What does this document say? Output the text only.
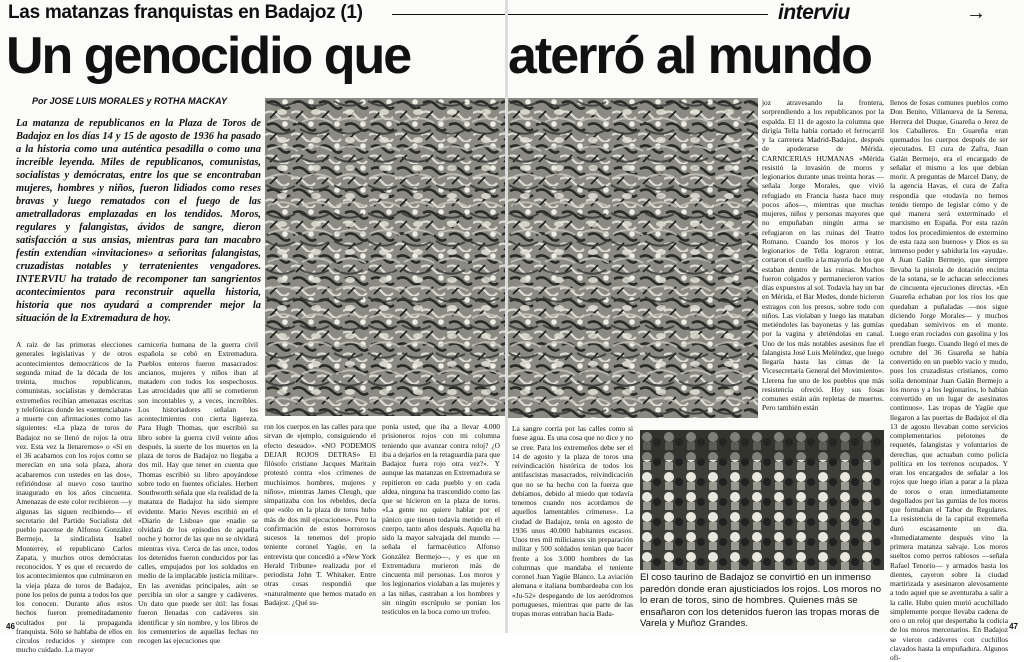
Las matanzas franquistas en Badajoz (1)
Un genocidio que
Por JOSE LUIS MORALES y ROTHA MACKAY

La matanza de republicanos en la Plaza de Toros de Badajoz en los días 14 y 15 de agosto de 1936 ha pasado a la historia como una auténtica pesadilla o como una increíble leyenda. Miles de republicanos, comunistas, socialistas y demócratas, entre los que se encontraban mujeres, hombres y niños, fueron lidiados como reses bravas y luego rematados con el fuego de las ametralladoras emplazadas en los tendidos. Moros, regulares y falangistas, ávidos de sangre, dieron satisfacción a sus ansias, mientras para tan macabro festín extendían «invitaciones» a señoritas falangistas, cruzadistas notables y terratenientes vengadores. INTERVIU ha tratado de recomponer tan sangrientos acontecimientos para reconstruir aquella historia, historia que nos ayudará a comprender mejor la situación de la Extremadura de hoy.

A raíz de las primeras elecciones generales legislativas y de otros acontecimientos democráticos de la segunda mitad de la década de los treinta, muchos republicanos, comunistas, socialistas y demócratas extremeños recibían amenazas escritas y telefónicas donde les «sentenciaban» a muerte con afirmaciones como las siguientes: «La plaza de toros de Badajoz no se llenó de rojos la otra vez. Esta vez la llenaremos» o «Si en el 36 acabamos con los rojos como se merecían en una sola plaza, ahora acabaremos con ustedes en las dos», refiriéndose al nuevo coso taurino inaugurado en los años cincuenta. Amenazas de este color recibieron —y algunas las siguen recibiendo— el secretario del Partido Socialista del pueblo pacense de Alfonso González Bermejo, la sindicalista Isabel Monterrey, el republicano Carlos Zapata, y muchos otros demócratas reconocidos. Y es que el recuerdo de los acontecimientos que culminaron en la vieja plaza de toros de Badajoz, pone los pelos de punta a todos los que los conocen. Durante años estos hechos fueron premeditadamente ocultados por la propaganda franquista. Sólo se hablaba de ellos en círculos reducidos y siempre con mucho cuidado. La mayor

carnicería humana de la guerra civil española se cebó en Extremadura. Pueblos enteros fueron masacrados: ancianos, mujeres y niños iban al matadero con todos los sospechosos. Las atrocidades que allí se cometieron son incontables y, a veces, increíbles. Los historiadores señalan los acontecimientos con cierta ligereza. Para Hugh Thomas, que escribió su libro sobre la guerra civil veinte años después, la suerte de los muertos en la plaza de toros de Badajoz no llegaba a dos mil. Hay que tener en cuenta que Thomas escribió su libro apoyándose sobre todo en fuentes oficiales. Herbert Southworth señala que «la realidad de la matanza de Badajoz ha sido siempre evidente. Mario Neves escribió en el «Diario de Lisboa» que «nadie se olvidará de los episodios de aquella noche y horror de las que no se olvidará mientras viva. Cerca de las once, todos los detenidos fueron conducidos por las calles, empujados por los soldados en medio de la implacable justicia militar». En las avenidas principales, aún se percibía un olor a sangre y cadáveres. Un dato que puede ser útil: las fosas fueron llenadas con cadáveres sin identificar y sin nombre, y los libros de los cementerios de aquellas fechas no recogen las ejecuciones que

ron los cuerpos en las calles para que sirvan de ejemplo, consiguiendo el efecto deseado». «NO PODEMOS DEJAR ROJOS DETRAS» El filósofo cristiano Jacques Maritain protestó contra «los crímenes de muchísimos hombres, mujeres y niños», mientras James Cleugh, que simpatizaba con los rebeldes, decía que «sólo en la plaza de toros hubo más de dos mil ejecuciones». Pero la confirmación de estos horrorosos sucesos la tenemos del propio teniente coronel Yagüe, en la entrevista que concedió a «New York Herald Tribune» realizada por el periodista John T. Whitaker. Entre otras cosas respondió que «naturalmente que hemos matado en Badajoz. ¿Qué su-

ponía usted, que iba a llevar 4.000 prisioneros rojos con mi columna teniendo que avanzar contra reloj? ¿O iba a dejarlos en la retaguardia para que Badajoz fuera rojo otra vez?». Y aunque las matanzas en Extremadura se repitieron en cada pueblo y en cada aldea, ninguna ha trascendido como las que se hicieron en la plaza de toros. «La gente no quiere hablar por el pánico que tienen todavía metido en el cuerpo, tanto años después. Aquella ha sido la mayor salvajada del mundo —señala el farmacéutico Alfonso González Bermejo—, y es que en Extremadura murieron más de cincuenta mil personas. Los moros y los legionarios violaban a las mujeres y a las niñas, castraban a los hombres y sin ningún escrúpulo se ponían los testículos en la boca como un trofeo.

46
interviu	→
aterró al mundo

La sangre corría por las calles como si fuese agua. Es una cosa que no dice y no se cree. Para los extremeños debe ser el 14 de agosto y la plaza de toros una reivindicación histórica de todos los antifascistas masacrados, reivindicación que no se ha hecho con la fuerza que debíamos, debido al miedo que todavía tenemos cuando nos acordamos de aquellos lamentables crímenes». La ciudad de Badajoz, tenía en agosto de 1936 unos 40.000 habitantes escasos. Unos tres mil milicianos sin preparación militar y 500 soldados tenían que hacer frente a los 3.000 hombres de las columnas que mandaba el teniente coronel Juan Yagüe Blanco. La aviación alemana e italiana bombardeaba con los «Ju-52» despegando de los aeródromos portugueses, mientras que parte de las tropas moras entraban hacia Bada-

joz atravesando la frontera, sorprendiendo a los republicanos por la espalda. El 11 de agosto la columna que dirigía Tella había cortado el ferrocarril y la carretera Madrid-Badajoz, después de apoderarse de Mérida. CARNICERIAS HUMANAS «Mérida resistió la invasión de moros y legionarios durante unas treinta horas —señala Jorge Morales, que vivió refugiado en Francia hasta hace muy pocos años—, mientras que muchas mujeres, niños y personas mayores que no empuñaban ningún arma se refugiaron en las ruinas del Teatro Romano. Cuando los moros y los legionarios de Tella lograron entrar, cortaron el cuello a la mayoría de los que estaban dentro de las ruinas. Muchos fueron colgados y permanecieron varios días expuestos al sol. Todavía hay un bar en Mérida, el Bar Medes, donde hicieron estragos con los presos, sobre todo con niños. Las violaban y luego las mataban metiéndoles las bayonetas y las gumías por la vagina y abriéndolas en canal. Uno de los más notables asesinos fue el falangista José Luis Meléndez, que luego llegaría hasta las cimas de la Vicesecretaría General del Movimiento». Llerena fue uno de los pueblos que más resistencia ofreció. Hoy sus fosas comunes están aún repletas de muertos. Pero también están

llenos de fosas comunes pueblos como Don Benito, Villanueva de la Serena, Herrera del Duque, Guareña o Jerez de los Caballeros. En Guareña eran quemados los cuerpos después de ser ejecutados. El cura de Zafra, Juan Galán Bermejo, era el encargado de señalar el mismo a los que debían morir. A preguntas de Marcel Dany, de la agencia Havas, el cura de Zafra respondía que «todavía no hemos tenido tiempo de legislar cómo y de qué manera será exterminado el marxismo en España. Por esta razón todos los procedimientos de extermino de esta raza son buenos» y Dios es su inmenso poder y sabiduría los «ayuda». A Juan Galán Bermejo, que siempre llevaba la pistola de dotación encima de la sotana, se le achacan selecciones de cincuenta ejecuciones directas. «En Guareña echaban por los ríos los que quedaban a puñaladas —nos sigue diciendo Jorge Morales— y muchos quedaban semivivos en el monte. Luego eran rociados con gasolina y los prendían fuego. Cuando llegó el mes de octubre del 36 Guareña se había convertido en un pueblo vacío y mudo, pues los cruzadistas cristianos, como solía denominar Juan Galán Bermejo a los moros y a los legionarios, lo habían convertido en un lugar de asesinatos continuos». Las tropas de Yagüe que llegaron a las puertas de Badajoz el día 13 de agosto llevaban como servicios complementarios pelotones de requetés, falangistas y voluntarios de derechas, que actuaban como policía política en los terrenos ocupados. Y eran los encargados de señalar a los rojos que luego irían a parar a la plaza de toros o eran inmediatamente degollados por las gumías de los moros que formaban el Tabor de Regulares. La resistencia de la capital extremeña duró escasamente un día. «Inmediatamente después vino la primera matanza salvaje. Los moros sueltos como perros rabiosos —señala Rafael Tenorio— y armados hasta los dientes, cayeron sobre la ciudad martirizada y asesinaron alevosamente a todo aquel que se aventuraba a salir a la calle. Hubo quien murió acuchillado simplemente porque llevaba cadena de oro o un reloj que despertaba la codicia de los moros mercenarios. En Badajoz se vieron cadáveres con cuchillos clavados hasta la empuñadura. Algunos ofi-

El coso taurino de Badajoz se convirtió en un inmenso paredón donde eran ajusticiados los rojos. Los moros no lo eran de toros, sino de hombres. Quienes más se ensañaron con los detenidos fueron las tropas moras de Varela y Muñoz Grandes.	47
